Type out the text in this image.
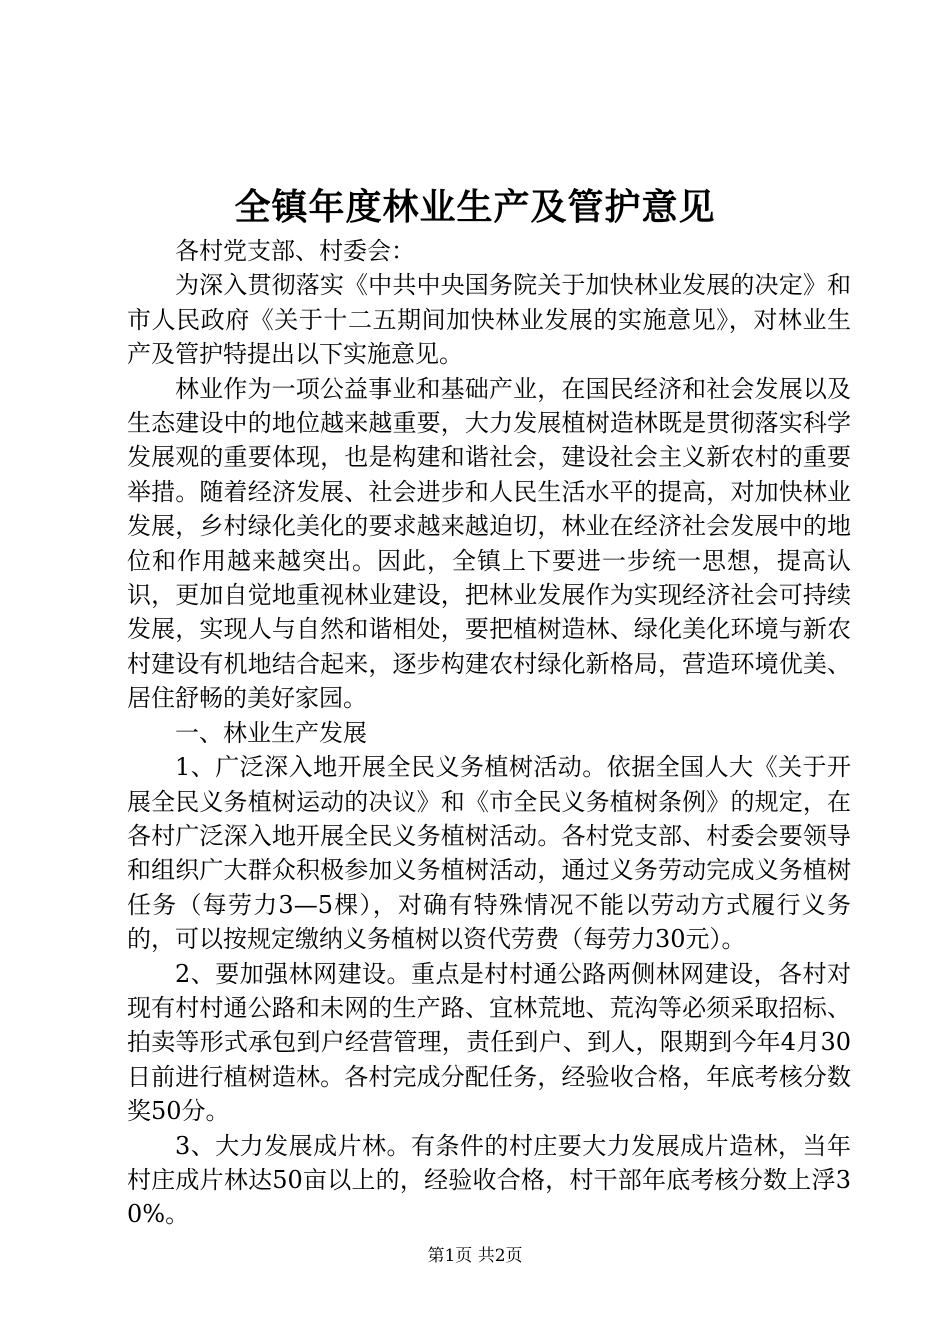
全镇年度林业生产及管护意见

各村党支部、村委会：

为深入贯彻落实《中共中央国务院关于加快林业发展的决定》和市人民政府《关于十二五期间加快林业发展的实施意见》，对林业生产及管护特提出以下实施意见。

林业作为一项公益事业和基础产业，在国民经济和社会发展以及生态建设中的地位越来越重要，大力发展植树造林既是贯彻落实科学发展观的重要体现，也是构建和谐社会，建设社会主义新农村的重要举措。随着经济发展、社会进步和人民生活水平的提高，对加快林业发展，乡村绿化美化的要求越来越迫切，林业在经济社会发展中的地位和作用越来越突出。因此，全镇上下要进一步统一思想，提高认识，更加自觉地重视林业建设，把林业发展作为实现经济社会可持续发展，实现人与自然和谐相处，要把植树造林、绿化美化环境与新农村建设有机地结合起来，逐步构建农村绿化新格局，营造环境优美、居住舒畅的美好家园。

一、林业生产发展

1、广泛深入地开展全民义务植树活动。依据全国人大《关于开展全民义务植树运动的决议》和《市全民义务植树条例》的规定，在各村广泛深入地开展全民义务植树活动。各村党支部、村委会要领导和组织广大群众积极参加义务植树活动，通过义务劳动完成义务植树任务（每劳力3—5棵），对确有特殊情况不能以劳动方式履行义务的，可以按规定缴纳义务植树以资代劳费（每劳力30元）。

2、要加强林网建设。重点是村村通公路两侧林网建设，各村对现有村村通公路和未网的生产路、宜林荒地、荒沟等必须采取招标、拍卖等形式承包到户经营管理，责任到户、到人，限期到今年4月30日前进行植树造林。各村完成分配任务，经验收合格，年底考核分数奖50分。

3、大力发展成片林。有条件的村庄要大力发展成片造林，当年村庄成片林达50亩以上的，经验收合格，村干部年底考核分数上浮30%。

第1页 共2页
